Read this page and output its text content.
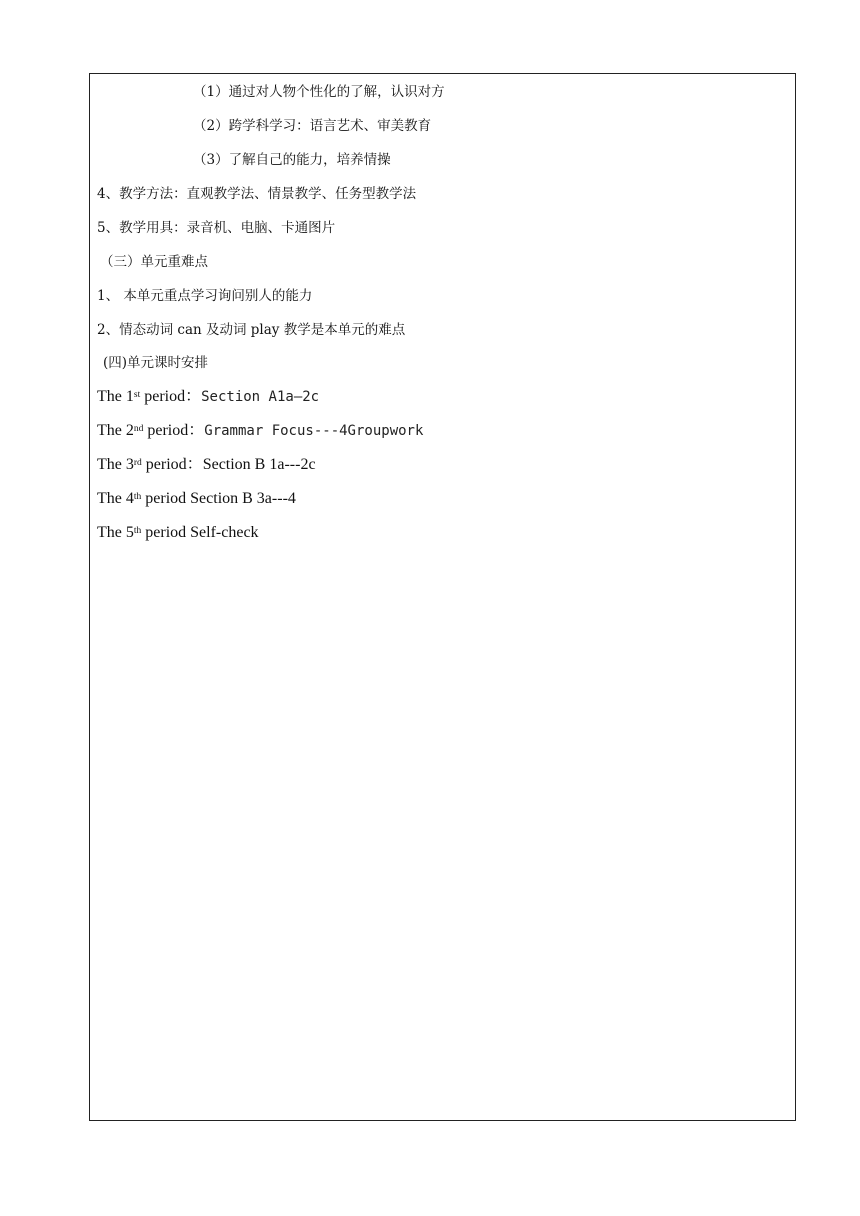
（1）通过对人物个性化的了解，认识对方
（2）跨学科学习：语言艺术、审美教育
（3）了解自己的能力，培养情操
4、教学方法：直观教学法、情景教学、任务型教学法
5、教学用具：录音机、电脑、卡通图片
（三）单元重难点
1、 本单元重点学习询问别人的能力
2、情态动词 can 及动词 play 教学是本单元的难点
(四)单元课时安排
The 1st period：Section A1a—2c
The 2nd period：Grammar Focus---4Groupwork
The 3rd period：Section B 1a---2c
The 4th period Section B 3a---4
The 5th period Self-check
